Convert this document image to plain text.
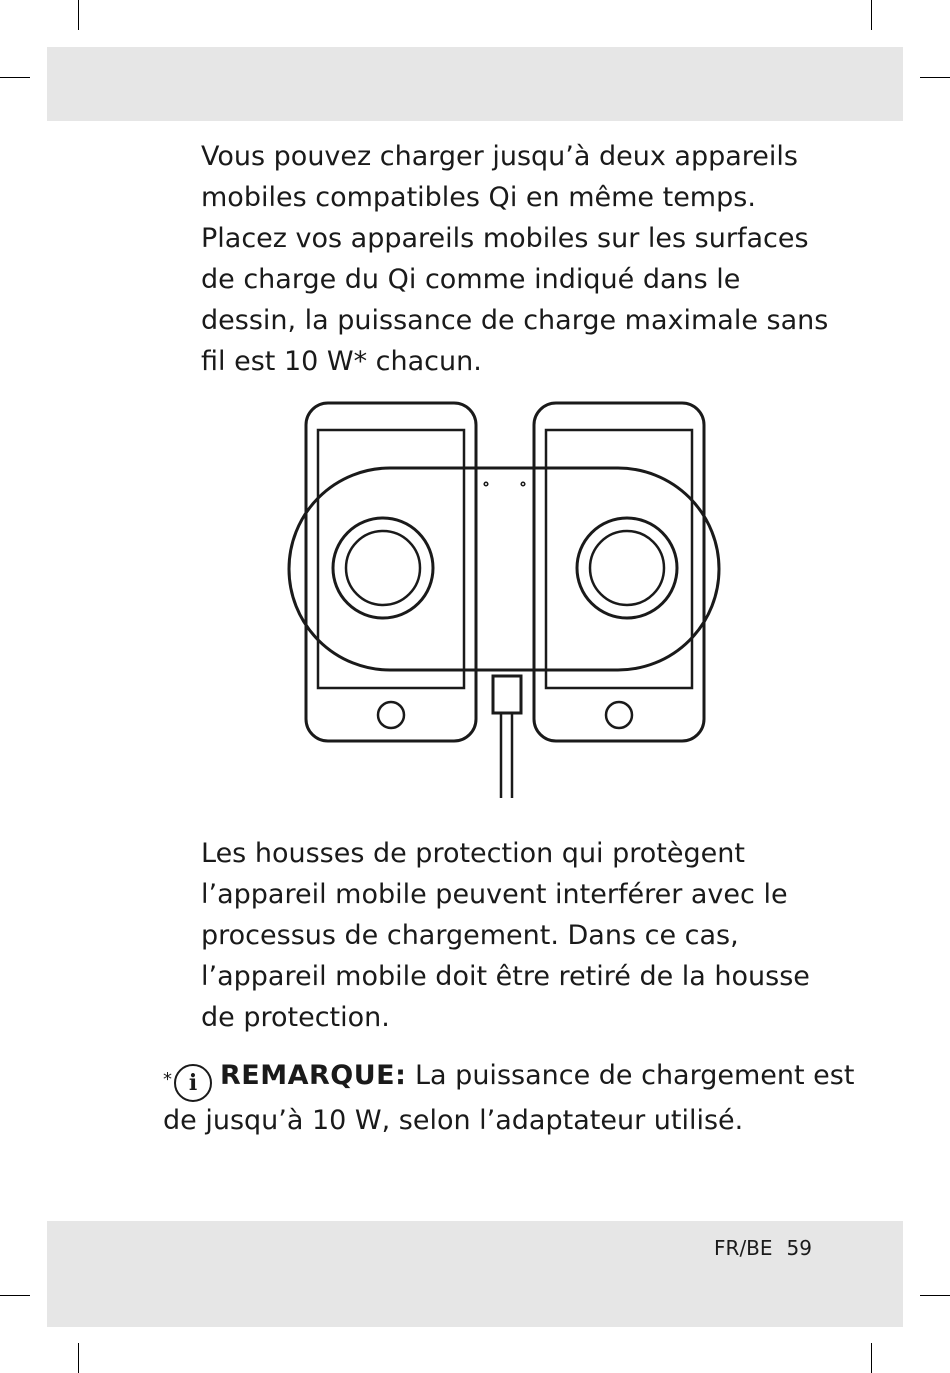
Vous pouvez charger jusqu’à deux appareils mobiles compatibles Qi en même temps. Placez vos appareils mobiles sur les surfaces de charge du Qi comme indiqué dans le dessin, la puissance de charge maximale sans fil est 10 W* chacun.

Les housses de protection qui protègent l’appareil mobile peuvent interférer avec le processus de chargement. Dans ce cas, l’appareil mobile doit être retiré de la housse de protection.

* i REMARQUE: La puissance de chargement est de jusqu’à 10 W, selon l’adaptateur utilisé.

FR/BE 59
